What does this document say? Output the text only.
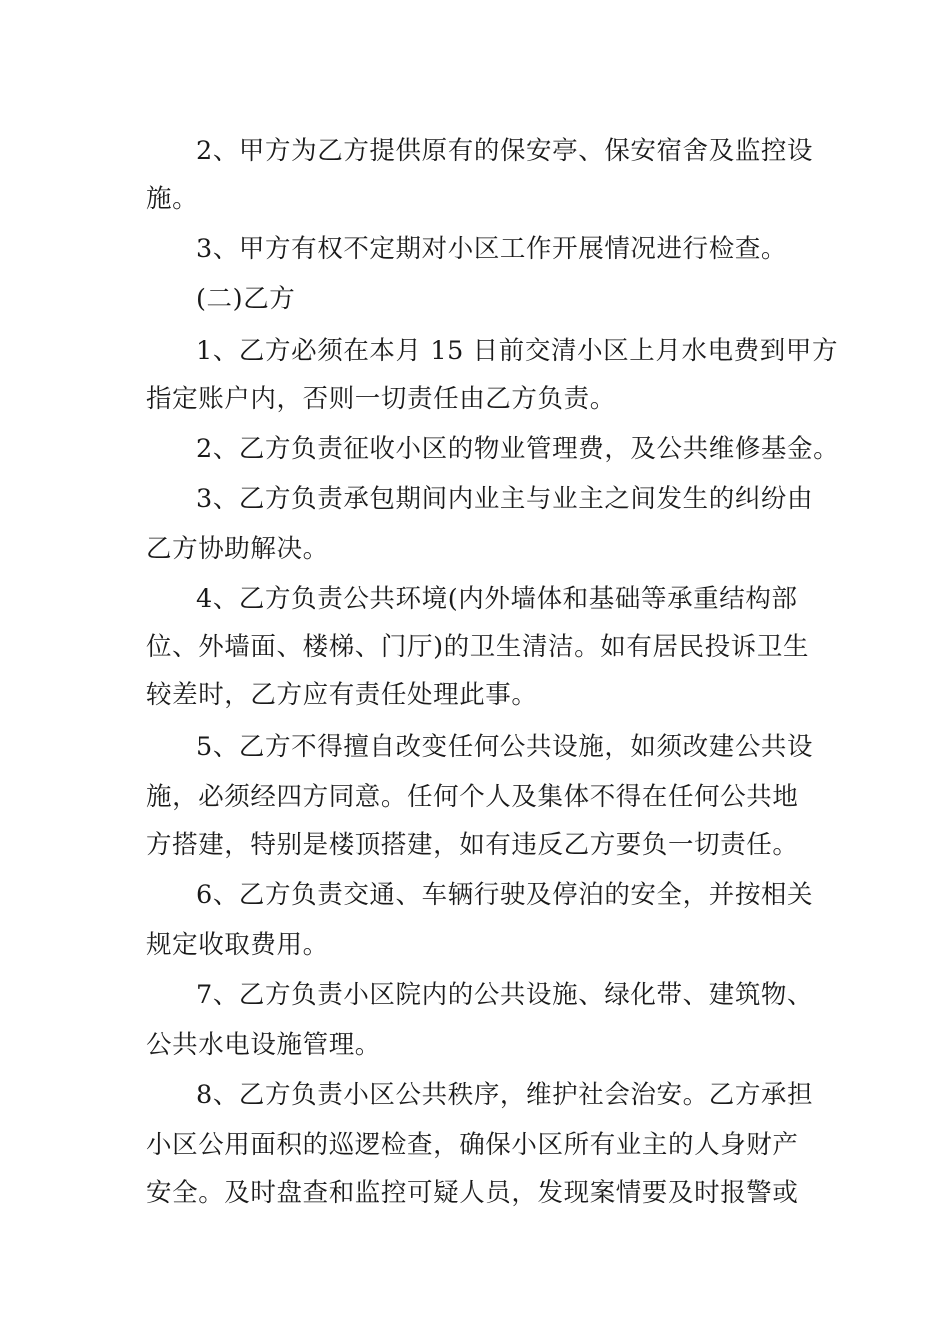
2、甲方为乙方提供原有的保安亭、保安宿舍及监控设
施。
3、甲方有权不定期对小区工作开展情况进行检查。
(二)乙方
1、乙方必须在本月 15 日前交清小区上月水电费到甲方
指定账户内，否则一切责任由乙方负责。
2、乙方负责征收小区的物业管理费，及公共维修基金。
3、乙方负责承包期间内业主与业主之间发生的纠纷由
乙方协助解决。
4、乙方负责公共环境(内外墙体和基础等承重结构部
位、外墙面、楼梯、门厅)的卫生清洁。如有居民投诉卫生
较差时，乙方应有责任处理此事。
5、乙方不得擅自改变任何公共设施，如须改建公共设
施，必须经四方同意。任何个人及集体不得在任何公共地
方搭建，特别是楼顶搭建，如有违反乙方要负一切责任。
6、乙方负责交通、车辆行驶及停泊的安全，并按相关
规定收取费用。
7、乙方负责小区院内的公共设施、绿化带、建筑物、
公共水电设施管理。
8、乙方负责小区公共秩序，维护社会治安。乙方承担
小区公用面积的巡逻检查，确保小区所有业主的人身财产
安全。及时盘查和监控可疑人员，发现案情要及时报警或
